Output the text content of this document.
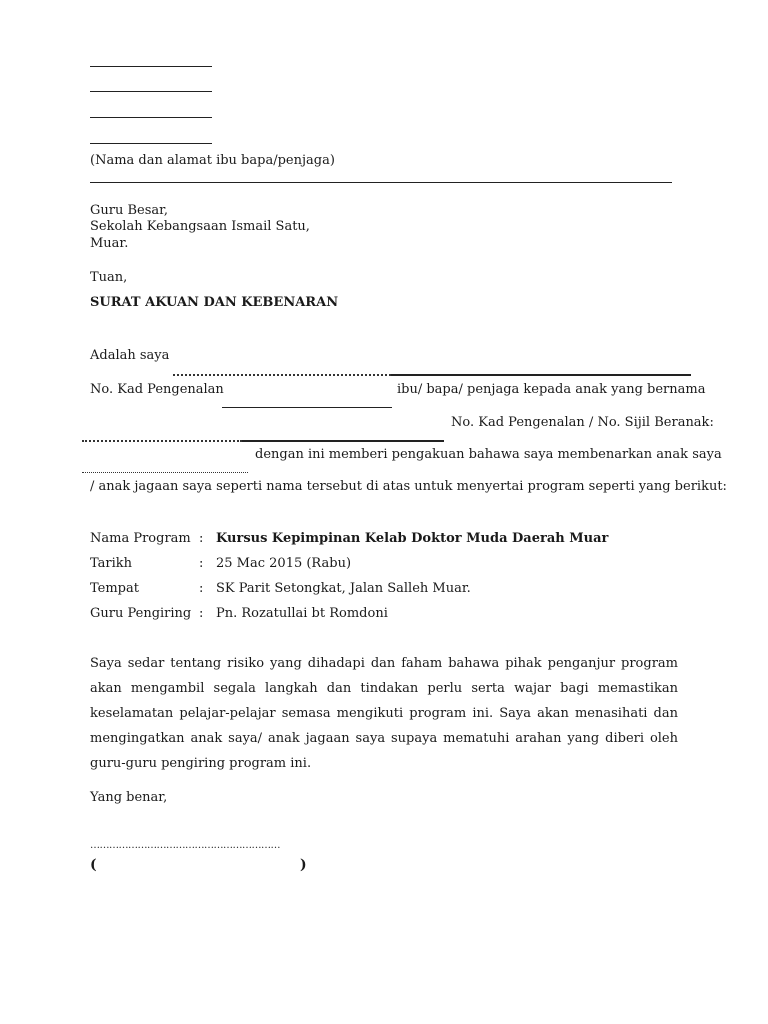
(Nama dan alamat ibu bapa/penjaga)
Guru Besar,
Sekolah Kebangsaan Ismail Satu,
Muar.
Tuan,
SURAT AKUAN DAN KEBENARAN
Adalah saya
No. Kad Pengenalan	ibu/ bapa/ penjaga kepada anak yang bernama
No. Kad Pengenalan / No. Sijil Beranak:
dengan ini memberi pengakuan bahawa saya membenarkan anak saya
/ anak jagaan saya seperti nama tersebut di atas untuk menyertai program seperti yang berikut:
Nama Program : Kursus Kepimpinan Kelab Doktor Muda Daerah Muar
Tarikh	: 25 Mac 2015 (Rabu)
Tempat	: SK Parit Setongkat, Jalan Salleh Muar.
Guru Pengiring : Pn. Rozatullai bt Romdoni
Saya sedar tentang risiko yang dihadapi dan faham bahawa pihak penganjur program akan mengambil segala langkah dan tindakan perlu serta wajar bagi memastikan keselamatan pelajar-pelajar semasa mengikuti program ini. Saya akan menasihati dan mengingatkan anak saya/ anak jagaan saya supaya mematuhi arahan yang diberi oleh guru-guru pengiring program ini.
Yang benar,
……………………………………………………
(	)
